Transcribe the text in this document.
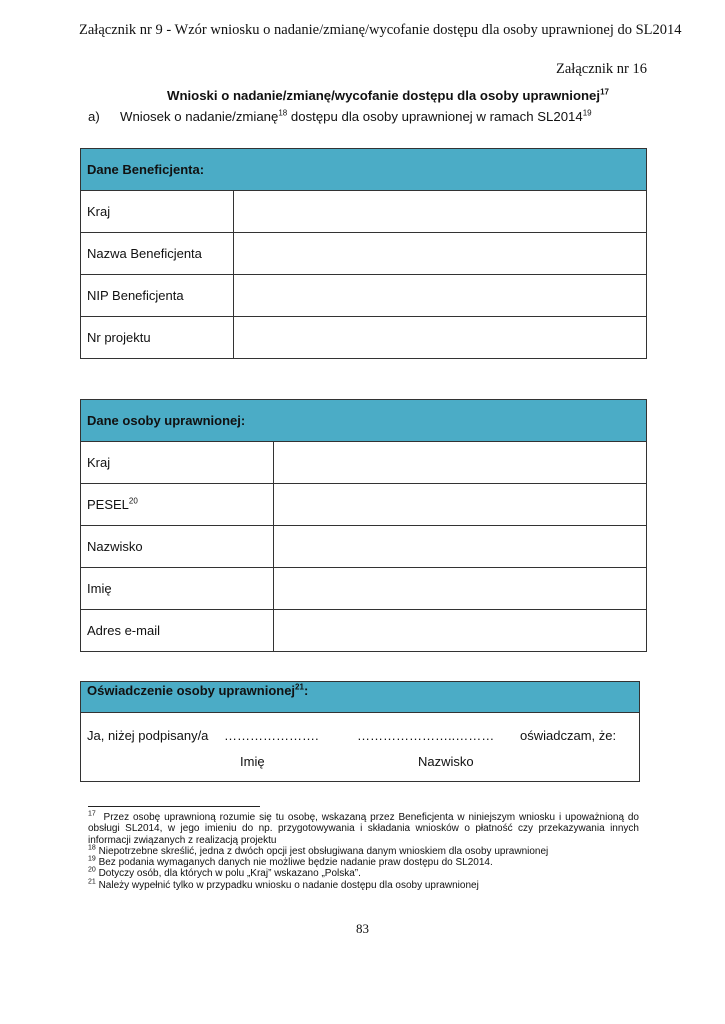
Załącznik nr 9 - Wzór wniosku o nadanie/zmianę/wycofanie dostępu dla osoby uprawnionej do SL2014
Załącznik nr 16
Wnioski o nadanie/zmianę/wycofanie dostępu dla osoby uprawnionej$^{17}$
a) Wniosek o nadanie/zmianę$^{18}$ dostępu dla osoby uprawnionej w ramach SL2014$^{19}$
Dane Beneficjenta:	
Kraj	
Nazwa Beneficjenta	
NIP Beneficjenta	
Nr projektu	
Dane osoby uprawnionej:	
Kraj	
PESEL$^{20}$	
Nazwisko	
Imię	
Adres e-mail	
Oświadczenie osoby uprawnionej$^{21}$:
Ja, niżej podpisany/a ………………….	…………………..……… oświadczam, że:
Imię	Nazwisko

$^{17}$ Przez osobę uprawnioną rozumie się tu osobę, wskazaną przez Beneficjenta w niniejszym wniosku i upoważnioną do obsługi SL2014, w jego imieniu do np. przygotowywania i składania wniosków o płatność czy przekazywania innych informacji związanych z realizacją projektu

$^{18}$ Niepotrzebne skreślić, jedna z dwóch opcji jest obsługiwana danym wnioskiem dla osoby uprawnionej

$^{19}$ Bez podania wymaganych danych nie możliwe będzie nadanie praw dostępu do SL2014.

$^{20}$ Dotyczy osób, dla których w polu „Kraj” wskazano „Polska”.

$^{21}$ Należy wypełnić tylko w przypadku wniosku o nadanie dostępu dla osoby uprawnionej

83
